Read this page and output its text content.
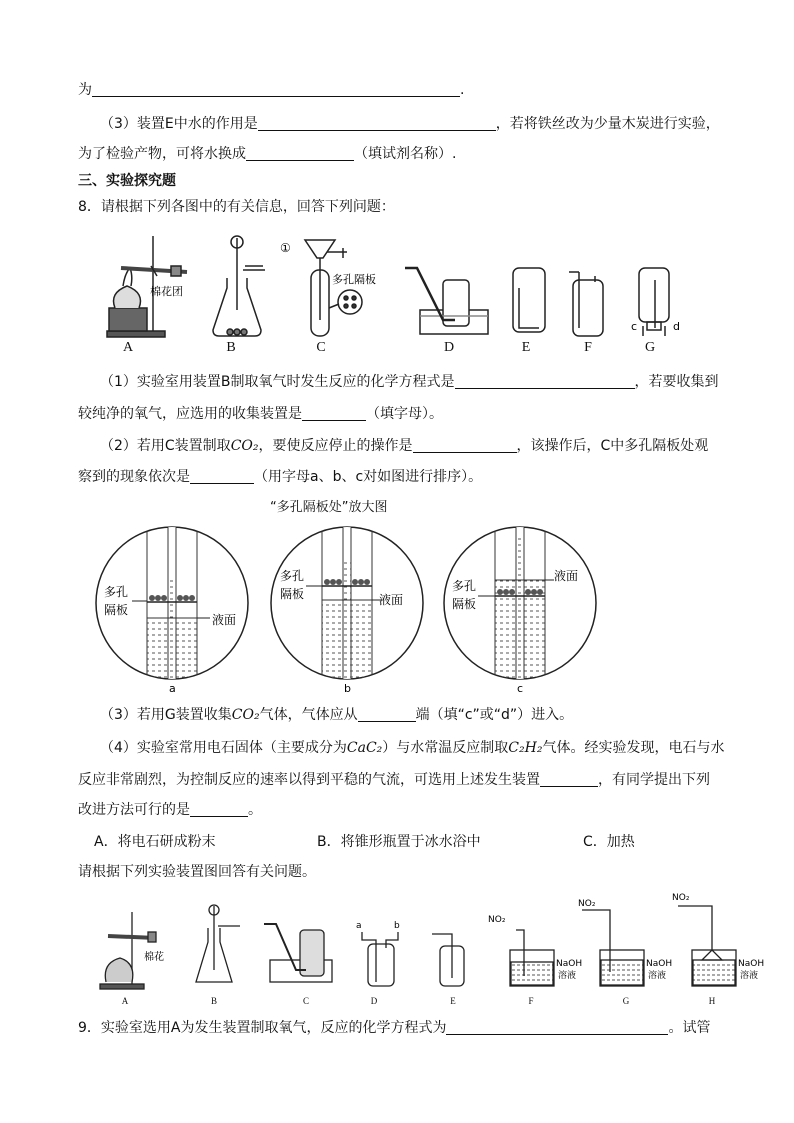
为	.
（3）装置E中水的作用是	，若将铁丝改为少量木炭进行实验，
为了检验产物，可将水换成	（填试剂名称）.
三、实验探究题
8．请根据下列各图中的有关信息，回答下列问题：
棉花团
①
多孔隔板
c	d
A	B	C	D	E	F	G
（1）实验室用装置B制取氧气时发生反应的化学方程式是	，若要收集到
较纯净的氧气，应选用的收集装置是	（填字母）。
（2）若用C装置制取CO₂，要使反应停止的操作是	，该操作后，C中多孔隔板处观
察到的现象依次是	（用字母a、b、c对如图进行排序）。
“多孔隔板处”放大图
多孔
隔板
液面
多孔
隔板	液面
多孔
隔板
液面
a	b	c
（3）若用G装置收集CO₂气体，气体应从	端（填“c”或“d”）进入。
（4）实验室常用电石固体（主要成分为CaC₂）与水常温反应制取C₂H₂气体。经实验发现，电石与水
反应非常剧烈，为控制反应的速率以得到平稳的气流，可选用上述发生装置	，有同学提出下列
改进方法可行的是	。
A．将电石研成粉末	B．将锥形瓶置于冰水浴中	C．加热
请根据下列实验装置图回答有关问题。
棉花
a	b
NO₂
NO₂
NO₂
NaOH
溶液
NaOH
溶液
NaOH
溶液
A	B	C	D	E	F	G	H
9．实验室选用A为发生装置制取氧气，反应的化学方程式为	。试管
